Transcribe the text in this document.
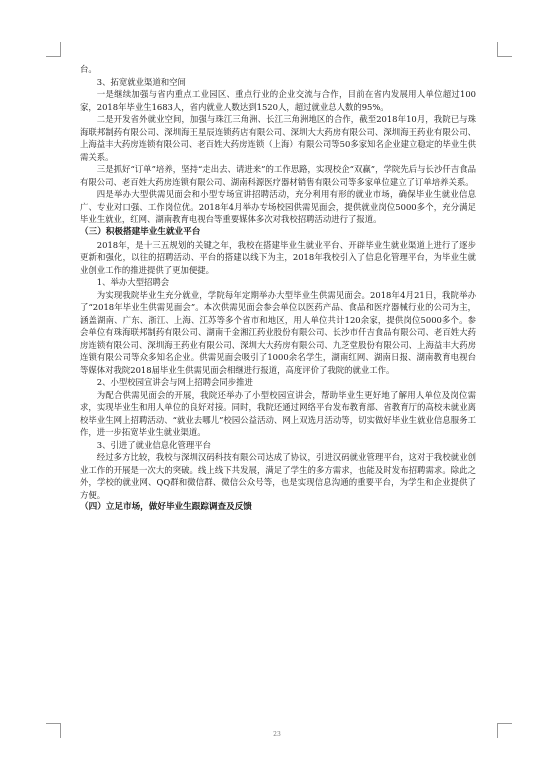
台。

3、拓宽就业渠道和空间

一是继续加强与省内重点工业园区、重点行业的企业交流与合作，目前在省内发展用人单位超过100家，2018年毕业生1683人，省内就业人数达到1520人，超过就业总人数的95%。

二是开发省外就业空间，加强与珠江三角洲、长江三角洲地区的合作，截至2018年10月，我院已与珠海联邦制药有限公司、深圳海王星辰连锁药店有限公司、深圳大大药房有限公司、深圳海王药业有限公司、上海益丰大药房连锁有限公司、老百姓大药房连锁（上海）有限公司等50多家知名企业建立稳定的毕业生供需关系。

三是抓好“订单”培养，坚持“走出去、请进来”的工作思路，实现校企“双赢”，学院先后与长沙仟吉食品有限公司、老百姓大药房连锁有限公司、湖南科源医疗器材销售有限公司等多家单位建立了订单培养关系。

四是举办大型供需见面会和小型专场宣讲招聘活动，充分利用有形的就业市场，确保毕业生就业信息广、专业对口强、工作岗位优。2018年4月举办专场校园供需见面会，提供就业岗位5000多个，充分满足毕业生就业，红网、湖南教育电视台等重要媒体多次对我校招聘活动进行了报道。

（三）积极搭建毕业生就业平台

2018年，是十三五规划的关键之年，我校在搭建毕业生就业平台、开辟毕业生就业渠道上进行了逐步更新和强化，以往的招聘活动、平台的搭建以线下为主，2018年我校引入了信息化管理平台，为毕业生就业创业工作的推进提供了更加便捷。

1、举办大型招聘会

为实现我院毕业生充分就业，学院每年定期举办大型毕业生供需见面会。2018年4月21日，我院举办了“2018年毕业生供需见面会”。本次供需见面会参会单位以医药产品、食品和医疗器械行业的公司为主，涵盖湖南、广东、浙江、上海、江苏等多个省市和地区，用人单位共计120余家，提供岗位5000多个。参会单位有珠海联邦制药有限公司、湖南千金湘江药业股份有限公司、长沙市仟吉食品有限公司、老百姓大药房连锁有限公司、深圳海王药业有限公司、深圳大大药房有限公司、九芝堂股份有限公司、上海益丰大药房连锁有限公司等众多知名企业。供需见面会吸引了1000余名学生，湖南红网、湖南日报、湖南教育电视台等媒体对我院2018届毕业生供需见面会相继进行报道，高度评价了我院的就业工作。

2、小型校园宣讲会与网上招聘会同步推进

为配合供需见面会的开展，我院还举办了小型校园宣讲会，帮助毕业生更好地了解用人单位及岗位需求，实现毕业生和用人单位的良好对接。同时，我院还通过网络平台发布教育部、省教育厅的高校未就业离校毕业生网上招聘活动、“就业去哪儿”校园公益活动、网上双选月活动等，切实做好毕业生就业信息服务工作，进一步拓宽毕业生就业渠道。

3、引进了就业信息化管理平台

经过多方比较，我校与深圳汉码科技有限公司达成了协议，引进汉码就业管理平台，这对于我校就业创业工作的开展是一次大的突破。线上线下共发展，满足了学生的多方需求，也能及时发布招聘需求。除此之外，学校的就业网、QQ群和微信群、微信公众号等，也是实现信息沟通的重要平台，为学生和企业提供了方便。

（四）立足市场，做好毕业生跟踪调查及反馈

23
